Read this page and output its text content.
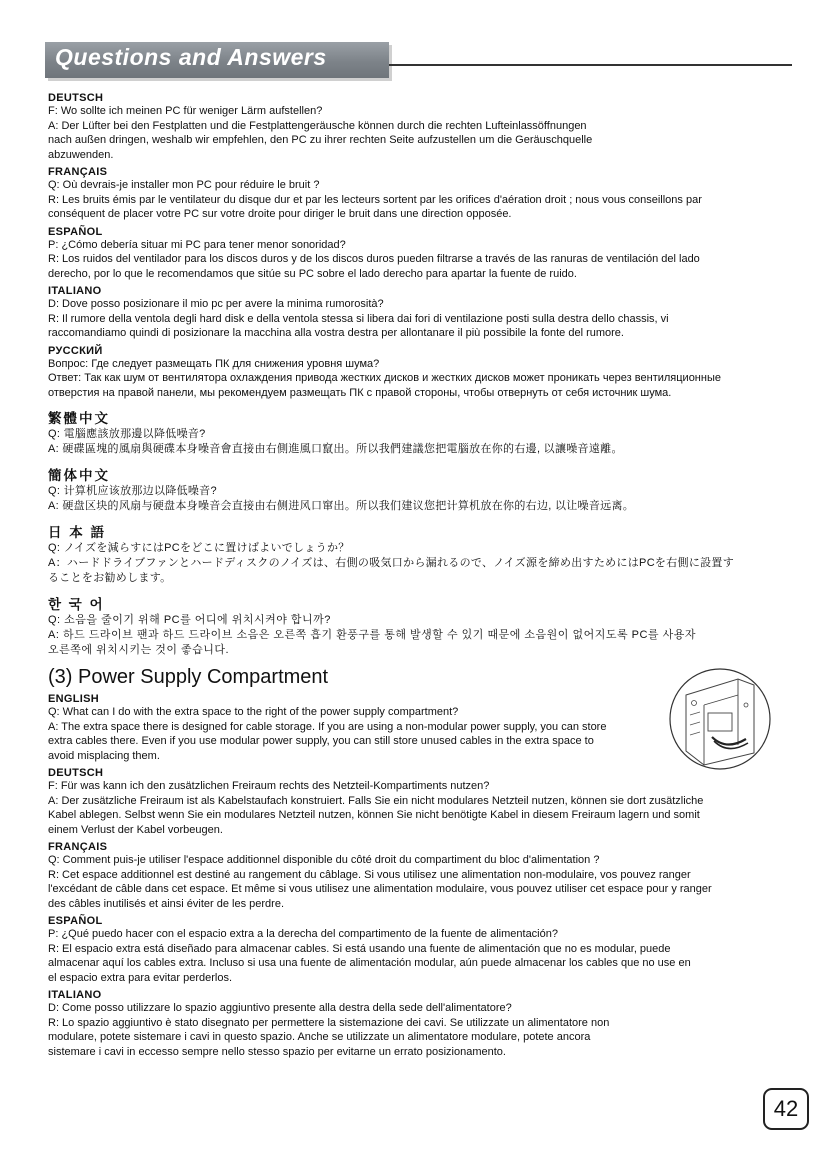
Questions and Answers
DEUTSCH
F: Wo sollte ich meinen PC für weniger Lärm aufstellen?
A: Der Lüfter bei den Festplatten und die Festplattengeräusche können durch die rechten Lufteinlassöffnungen
nach außen dringen, weshalb wir empfehlen, den PC zu ihrer rechten Seite aufzustellen um die Geräuschquelle
abzuwenden.
FRANÇAIS
Q: Où devrais-je installer mon PC pour réduire le bruit ?
R: Les bruits émis par le ventilateur du disque dur et par les lecteurs sortent par les orifices d'aération droit ; nous vous conseillons par
conséquent de placer votre PC sur votre droite pour diriger le bruit dans une direction opposée.
ESPAÑOL
P: ¿Cómo debería situar mi PC para tener menor sonoridad?
R: Los ruidos del ventilador para los discos duros y de los discos duros pueden filtrarse a través de las ranuras de ventilación del lado
derecho, por lo que le recomendamos que sitúe su PC sobre el lado derecho para apartar la fuente de ruido.
ITALIANO
D: Dove posso posizionare il mio pc per avere la minima rumorosità?
R: Il rumore della ventola degli hard disk e della ventola stessa si libera dai fori di ventilazione posti sulla destra dello chassis, vi
raccomandiamo quindi di posizionare la macchina alla vostra destra per allontanare il più possibile la fonte del rumore.
РУССКИЙ
Вопрос: Где следует размещать ПК для снижения уровня шума?
Ответ: Так как шум от вентилятора охлаждения привода жестких дисков и жестких дисков может проникать через вентиляционные
отверстия на правой панели, мы рекомендуем размещать ПК с правой стороны, чтобы отвернуть от себя источник шума.
繁體中文
Q: 電腦應該放那邊以降低噪音?
A: 硬碟區塊的風扇與硬碟本身噪音會直接由右側進風口竄出。所以我們建議您把電腦放在你的右邊, 以讓噪音遠離。
簡体中文
Q: 计算机应该放那边以降低噪音?
A: 硬盘区块的风扇与硬盘本身噪音会直接由右侧进风口窜出。所以我们建议您把计算机放在你的右边, 以让噪音远离。
日 本 語
Q: ノイズを減らすにはPCをどこに置けばよいでしょうか？
A：ハードドライブファンとハードディスクのノイズは、右側の吸気口から漏れるので、ノイズ源を締め出すためにはPCを右側に設置す
ることをお勧めします。
한 국 어
Q: 소음을 줄이기 위해 PC를 어디에 위치시켜야 합니까?
A: 하드 드라이브 팬과 하드 드라이브 소음은 오른쪽 흡기 환풍구를 통해 발생할 수 있기 때문에 소음원이 없어지도록 PC를 사용자
오른쪽에 위치시키는 것이 좋습니다.
(3) Power Supply Compartment
ENGLISH
Q: What can I do with the extra space to the right of the power supply compartment?
A: The extra space there is designed for cable storage. If you are using a non-modular power supply, you can store
extra cables there. Even if you use modular power supply, you can still store unused cables in the extra space to
avoid misplacing them.
DEUTSCH
F: Für was kann ich den zusätzlichen Freiraum rechts des Netzteil-Kompartiments nutzen?
A: Der zusätzliche Freiraum ist als Kabelstaufach konstruiert. Falls Sie ein nicht modulares Netzteil nutzen, können sie dort zusätzliche
Kabel ablegen. Selbst wenn Sie ein modulares Netzteil nutzen, können Sie nicht benötigte Kabel in diesem Freiraum lagern und somit
einem Verlust der Kabel vorbeugen.
FRANÇAIS
Q: Comment puis-je utiliser l'espace additionnel disponible du côté droit du compartiment du bloc d'alimentation ?
R: Cet espace additionnel est destiné au rangement du câblage. Si vous utilisez une alimentation non-modulaire, vos pouvez ranger
l'excédant de câble dans cet espace. Et même si vous utilisez une alimentation modulaire, vous pouvez utiliser cet espace pour y ranger
des câbles inutilisés et ainsi éviter de les perdre.
ESPAÑOL
P: ¿Qué puedo hacer con el espacio extra a la derecha del compartimento de la fuente de alimentación?
R: El espacio extra está diseñado para almacenar cables. Si está usando una fuente de alimentación que no es modular, puede
almacenar aquí los cables extra. Incluso si usa una fuente de alimentación modular, aún puede almacenar los cables que no use en
el espacio extra para evitar perderlos.
ITALIANO
D: Come posso utilizzare lo spazio aggiuntivo presente alla destra della sede dell'alimentatore?
R: Lo spazio aggiuntivo è stato disegnato per permettere la sistemazione dei cavi. Se utilizzate un alimentatore non
modulare, potete sistemare i cavi in questo spazio. Anche se utilizzate un alimentatore modulare, potete ancora
sistemare i cavi in eccesso sempre nello stesso spazio per evitarne un errato posizionamento.
42
